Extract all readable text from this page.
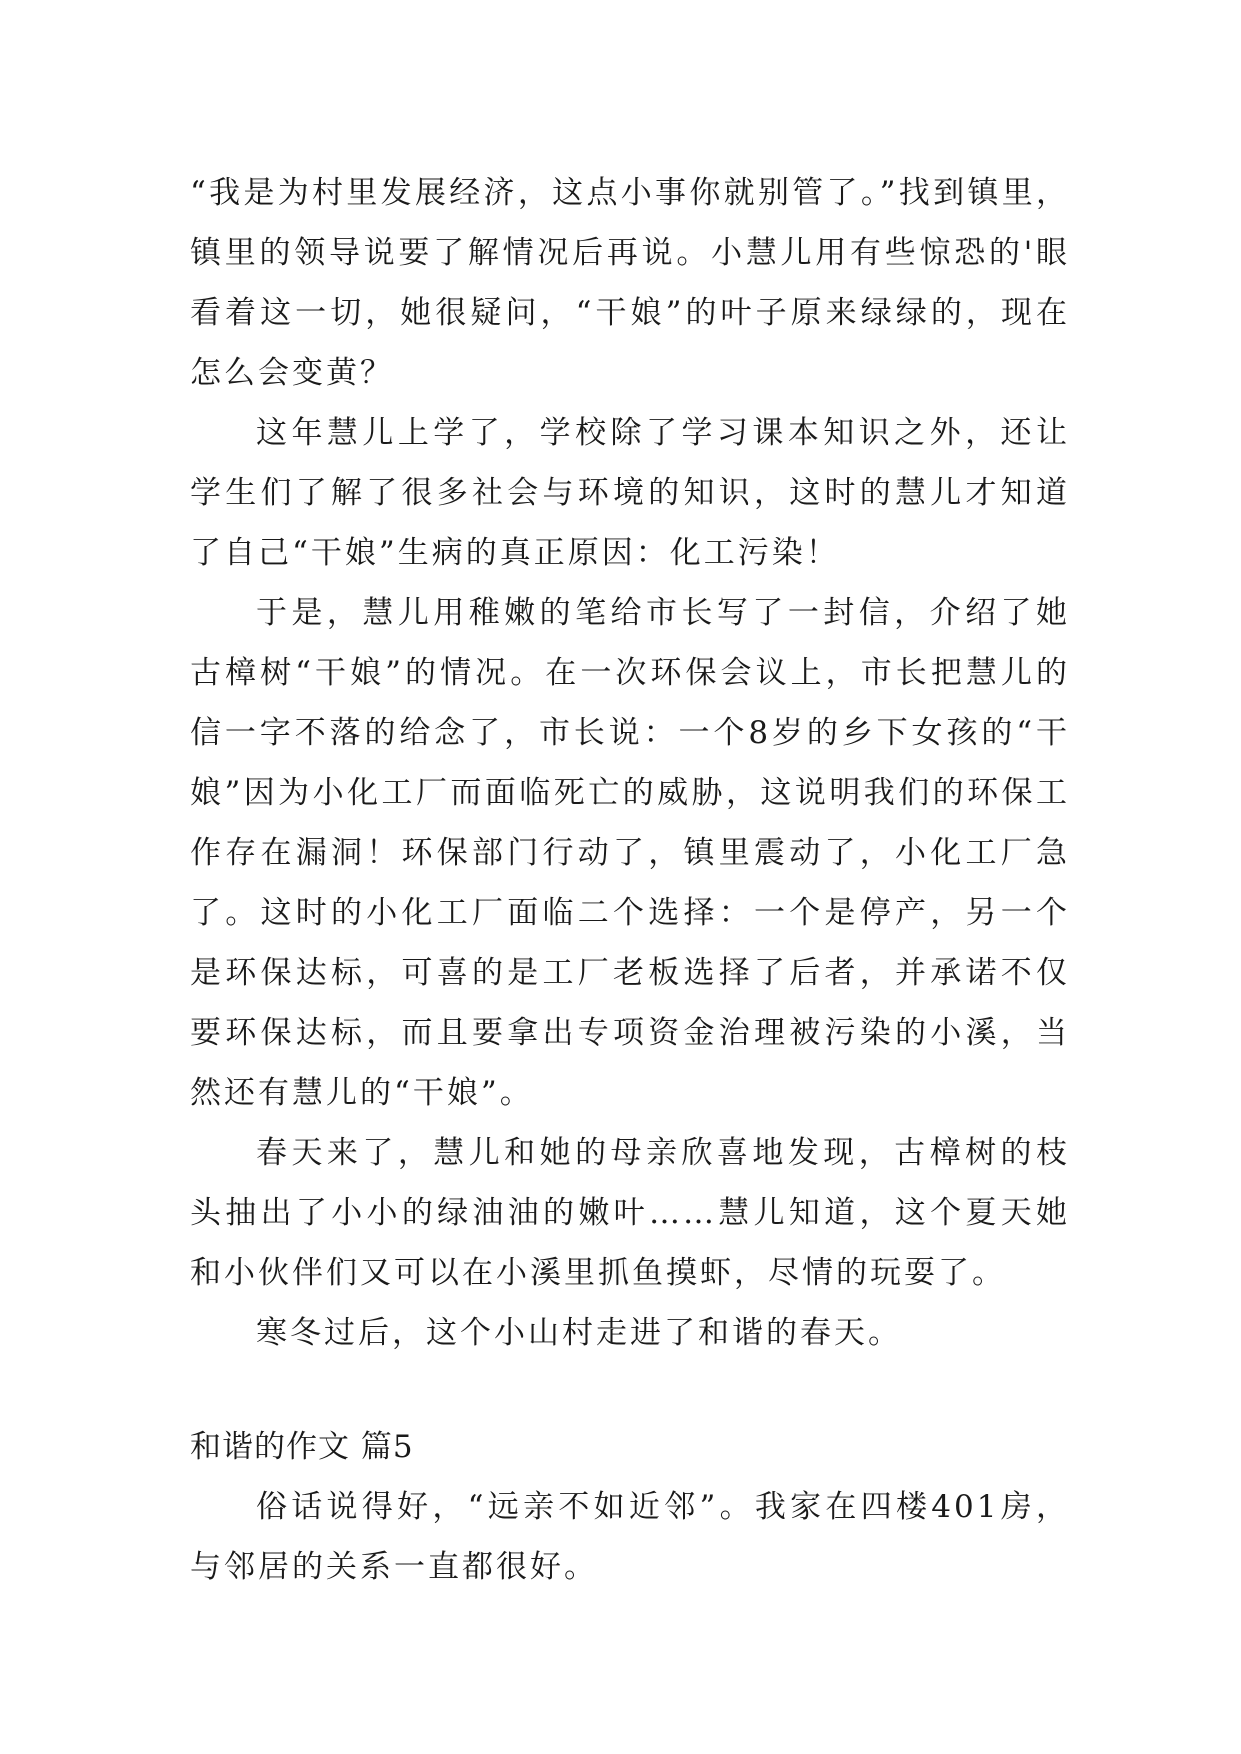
“我是为村里发展经济，这点小事你就别管了。”找到镇里，镇里的领导说要了解情况后再说。小慧儿用有些惊恐的'眼看着这一切，她很疑问，“干娘”的叶子原来绿绿的，现在怎么会变黄？

这年慧儿上学了，学校除了学习课本知识之外，还让学生们了解了很多社会与环境的知识，这时的慧儿才知道了自己“干娘”生病的真正原因：化工污染！

于是，慧儿用稚嫩的笔给市长写了一封信，介绍了她古樟树“干娘”的情况。在一次环保会议上，市长把慧儿的信一字不落的给念了，市长说：一个8岁的乡下女孩的“干娘”因为小化工厂而面临死亡的威胁，这说明我们的环保工作存在漏洞！环保部门行动了，镇里震动了，小化工厂急了。这时的小化工厂面临二个选择：一个是停产，另一个是环保达标，可喜的是工厂老板选择了后者，并承诺不仅要环保达标，而且要拿出专项资金治理被污染的小溪，当然还有慧儿的“干娘”。

春天来了，慧儿和她的母亲欣喜地发现，古樟树的枝头抽出了小小的绿油油的嫩叶……慧儿知道，这个夏天她和小伙伴们又可以在小溪里抓鱼摸虾，尽情的玩耍了。

寒冬过后，这个小山村走进了和谐的春天。

和谐的作文 篇5

俗话说得好，“远亲不如近邻”。我家在四楼401房，与邻居的关系一直都很好。
